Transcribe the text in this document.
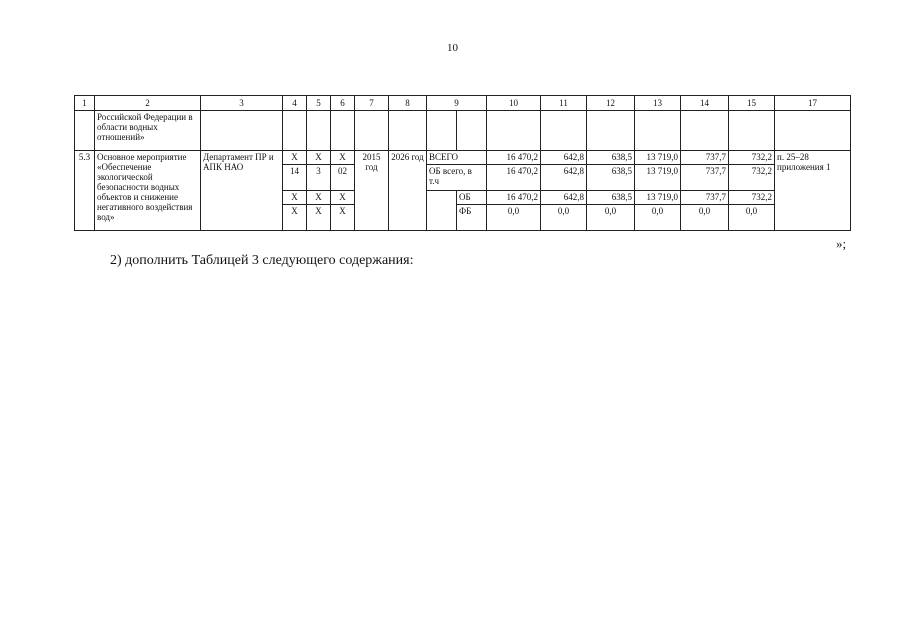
10
1	2	3	4	5	6	7	8	9		10	11	12	13	14	15	17
	Российской Федерации в области водных отношений»															
5.3	Основное мероприятие «Обеспечение экологической безопасности водных объектов и снижение негативного воздействия вод»	Департамент ПР и АПК НАО	X	X	X	2015 год	2026 год	ВСЕГО		16 470,2	642,8	638,5	13 719,0	737,7	732,2	п. 25–28 приложения 1
			14	3	02			ОБ всего, в т.ч		16 470,2	642,8	638,5	13 719,0	737,7	732,2	
			X	X	X				ОБ	16 470,2	642,8	638,5	13 719,0	737,7	732,2	
			X	X	X				ФБ	0,0	0,0	0,0	0,0	0,0	0,0	
»;
2) дополнить Таблицей 3 следующего содержания:
